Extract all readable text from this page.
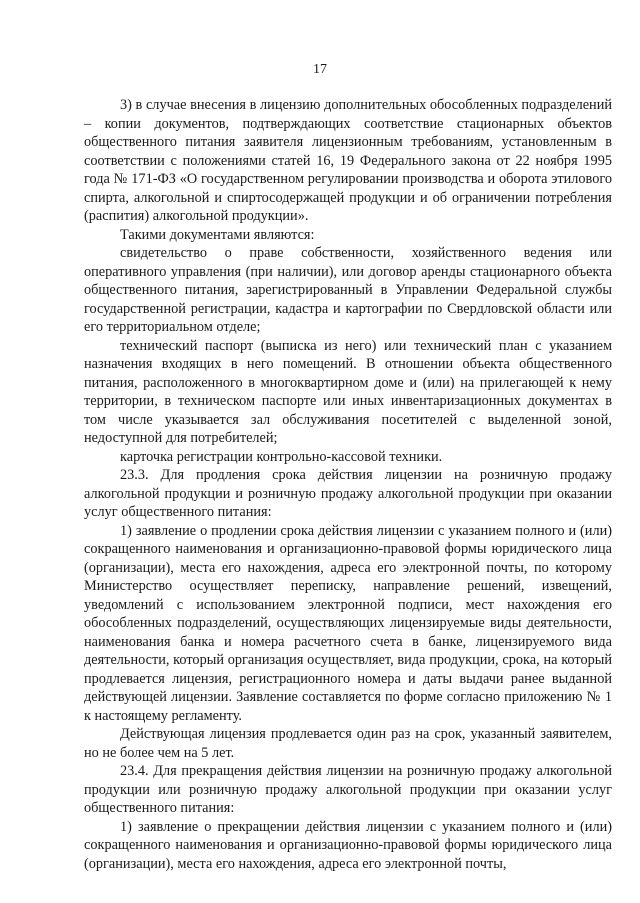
17

3) в случае внесения в лицензию дополнительных обособленных подразделений – копии документов, подтверждающих соответствие стационарных объектов общественного питания заявителя лицензионным требованиям, установленным в соответствии с положениями статей 16, 19 Федерального закона от 22 ноября 1995 года № 171-ФЗ «О государственном регулировании производства и оборота этилового спирта, алкогольной и спиртосодержащей продукции и об ограничении потребления (распития) алкогольной продукции».

Такими документами являются:

свидетельство о праве собственности, хозяйственного ведения или оперативного управления (при наличии), или договор аренды стационарного объекта общественного питания, зарегистрированный в Управлении Федеральной службы государственной регистрации, кадастра и картографии по Свердловской области или его территориальном отделе;

технический паспорт (выписка из него) или технический план с указанием назначения входящих в него помещений. В отношении объекта общественного питания, расположенного в многоквартирном доме и (или) на прилегающей к нему территории, в техническом паспорте или иных инвентаризационных документах в том числе указывается зал обслуживания посетителей с выделенной зоной, недоступной для потребителей;

карточка регистрации контрольно-кассовой техники.

23.3. Для продления срока действия лицензии на розничную продажу алкогольной продукции и розничную продажу алкогольной продукции при оказании услуг общественного питания:

1) заявление о продлении срока действия лицензии с указанием полного и (или) сокращенного наименования и организационно-правовой формы юридического лица (организации), места его нахождения, адреса его электронной почты, по которому Министерство осуществляет переписку, направление решений, извещений, уведомлений с использованием электронной подписи, мест нахождения его обособленных подразделений, осуществляющих лицензируемые виды деятельности, наименования банка и номера расчетного счета в банке, лицензируемого вида деятельности, который организация осуществляет, вида продукции, срока, на который продлевается лицензия, регистрационного номера и даты выдачи ранее выданной действующей лицензии. Заявление составляется по форме согласно приложению № 1 к настоящему регламенту.

Действующая лицензия продлевается один раз на срок, указанный заявителем, но не более чем на 5 лет.

23.4. Для прекращения действия лицензии на розничную продажу алкогольной продукции или розничную продажу алкогольной продукции при оказании услуг общественного питания:

1) заявление о прекращении действия лицензии с указанием полного и (или) сокращенного наименования и организационно-правовой формы юридического лица (организации), места его нахождения, адреса его электронной почты,
